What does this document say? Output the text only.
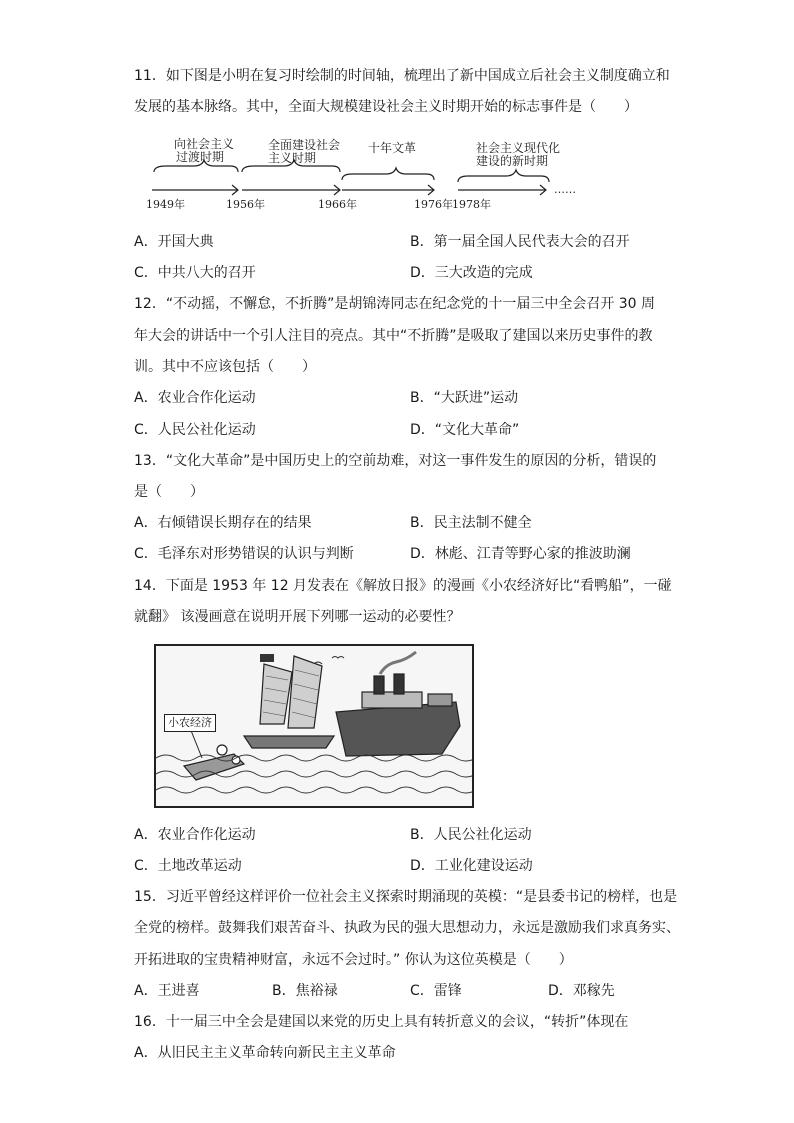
11．如下图是小明在复习时绘制的时间轴，梳理出了新中国成立后社会主义制度确立和
发展的基本脉络。其中，全面大规模建设社会主义时期开始的标志事件是（　　）
向社会主义
过渡时期
全面建设社会
主义时期
十年文革	社会主义现代化
建设的新时期
……
1949年	1956年	1966年	1976年 1978年
A．开国大典	B．第一届全国人民代表大会的召开
C．中共八大的召开	D．三大改造的完成
12．“不动摇，不懈怠，不折腾”是胡锦涛同志在纪念党的十一届三中全会召开 30 周
年大会的讲话中一个引人注目的亮点。其中“不折腾”是吸取了建国以来历史事件的教
训。其中不应该包括（　　）
A．农业合作化运动	B．“大跃进”运动
C．人民公社化运动	D．“文化大革命”
13．“文化大革命”是中国历史上的空前劫难，对这一事件发生的原因的分析，错误的
是（　　）
A．右倾错误长期存在的结果	B．民主法制不健全
C．毛泽东对形势错误的认识与判断	D．林彪、江青等野心家的推波助澜
14．下面是 1953 年 12 月发表在《解放日报》的漫画《小农经济好比“看鸭船”，一碰
就翻》 该漫画意在说明开展下列哪一运动的必要性？
小农经济
A．农业合作化运动	B．人民公社化运动
C．土地改革运动	D．工业化建设运动
15．习近平曾经这样评价一位社会主义探索时期涌现的英模：“是县委书记的榜样，也是
全党的榜样。鼓舞我们艰苦奋斗、执政为民的强大思想动力，永远是激励我们求真务实、
开拓进取的宝贵精神财富，永远不会过时。” 你认为这位英模是（　　）
A．王进喜	B．焦裕禄	C．雷锋	D．邓稼先
16．十一届三中全会是建国以来党的历史上具有转折意义的会议，“转折”体现在
A．从旧民主主义革命转向新民主主义革命
